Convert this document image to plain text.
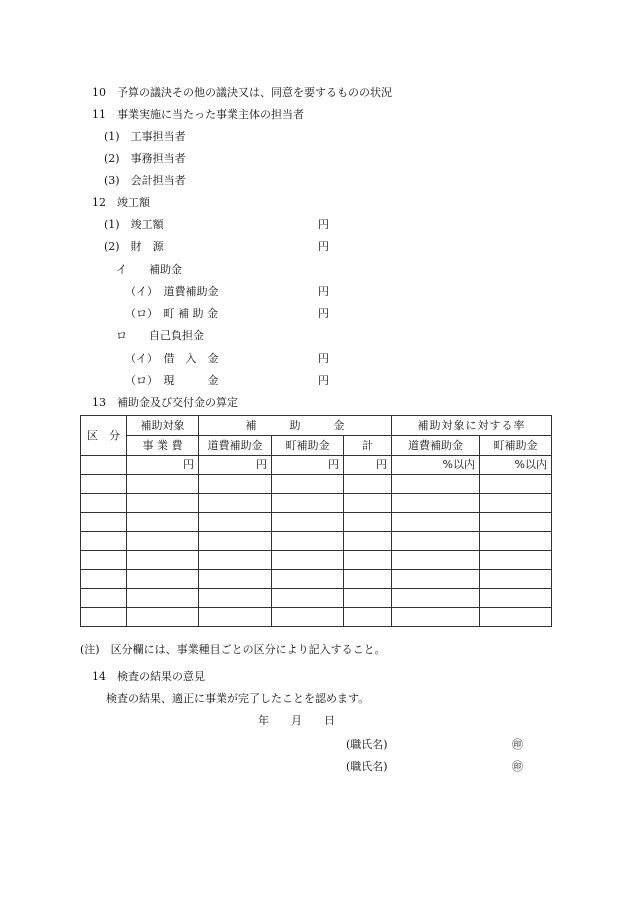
10　予算の議決その他の議決又は、同意を要するものの状況
11　事業実施に当たった事業主体の担当者
(1)　工事担当者
(2)　事務担当者
(3)　会計担当者
12　竣工額
(1)　竣工額	円
(2)　財　源	円
イ　　補助金
（イ）　道費補助金	円
（ロ）　町 補 助 金	円
ロ　　自己負担金
（イ）　借　入　金	円
（ロ）　現　　　金	円
13　補助金及び交付金の算定
区　分	補助対象	補　　　助　　　金			補助対象に対する率	
	事 業 費	道費補助金	町補助金	計	道費補助金	町補助金
	円	円	円	円	%以内	%以内

(注)　区分欄には、事業種目ごとの区分により記入すること。
14　検査の結果の意見
検査の結果、適正に事業が完了したことを認めます。
年　　月　　日
(職氏名)	㊞
(職氏名)	㊞
